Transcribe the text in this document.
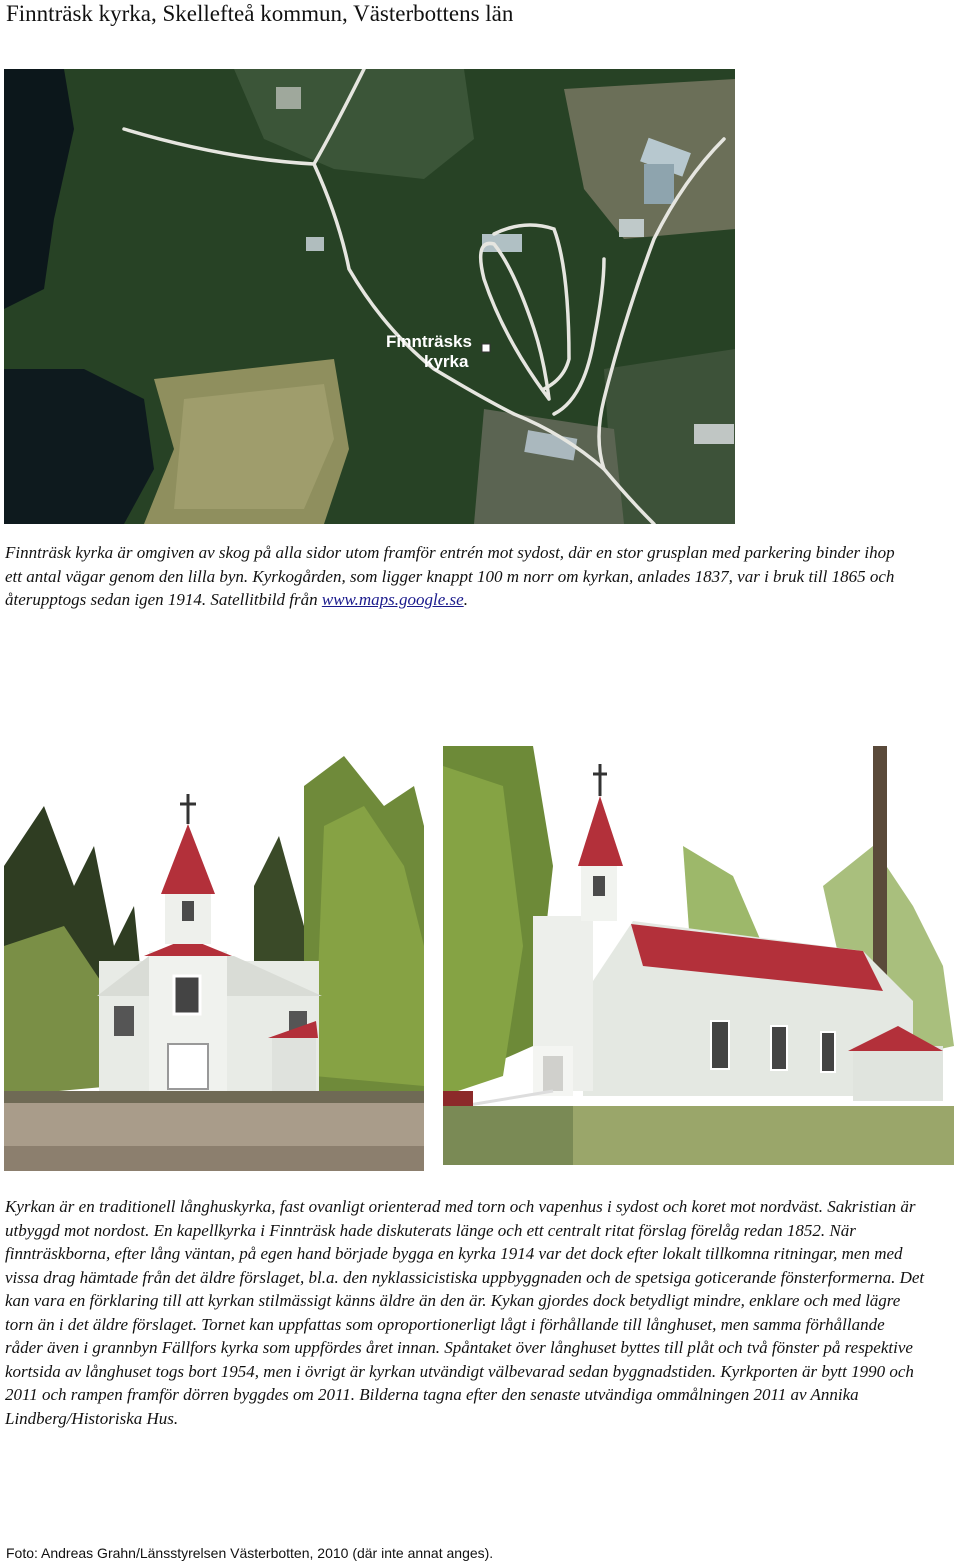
Finnträsk kyrka, Skellefteå kommun, Västerbottens län
Finnträsks
kyrka

Finnträsk kyrka är omgiven av skog på alla sidor utom framför entrén mot sydost, där en stor grusplan med parkering binder ihop ett antal vägar genom den lilla byn. Kyrkogården, som ligger knappt 100 m norr om kyrkan, anlades 1837, var i bruk till 1865 och återupptogs sedan igen 1914. Satellitbild från www.maps.google.se.

Kyrkan är en traditionell långhuskyrka, fast ovanligt orienterad med torn och vapenhus i sydost och koret mot nordväst. Sakristian är utbyggd mot nordost. En kapellkyrka i Finnträsk hade diskuterats länge och ett centralt ritat förslag förelåg redan 1852. När finnträskborna, efter lång väntan, på egen hand började bygga en kyrka 1914 var det dock efter lokalt tillkomna ritningar, men med vissa drag hämtade från det äldre förslaget, bl.a. den nyklassicistiska uppbyggnaden och de spetsiga goticerande fönsterformerna. Det kan vara en förklaring till att kyrkan stilmässigt känns äldre än den är. Kykan gjordes dock betydligt mindre, enklare och med lägre torn än i det äldre förslaget. Tornet kan uppfattas som oproportionerligt lågt i förhållande till långhuset, men samma förhållande råder även i grannbyn Fällfors kyrka som uppfördes året innan. Spåntaket över långhuset byttes till plåt och två fönster på respektive kortsida av långhuset togs bort 1954, men i övrigt är kyrkan utvändigt välbevarad sedan byggnadstiden. Kyrkporten är bytt 1990 och 2011 och rampen framför dörren byggdes om 2011. Bilderna tagna efter den senaste utvändiga ommålningen 2011 av Annika Lindberg/Historiska Hus.

Foto: Andreas Grahn/Länsstyrelsen Västerbotten, 2010 (där inte annat anges).
